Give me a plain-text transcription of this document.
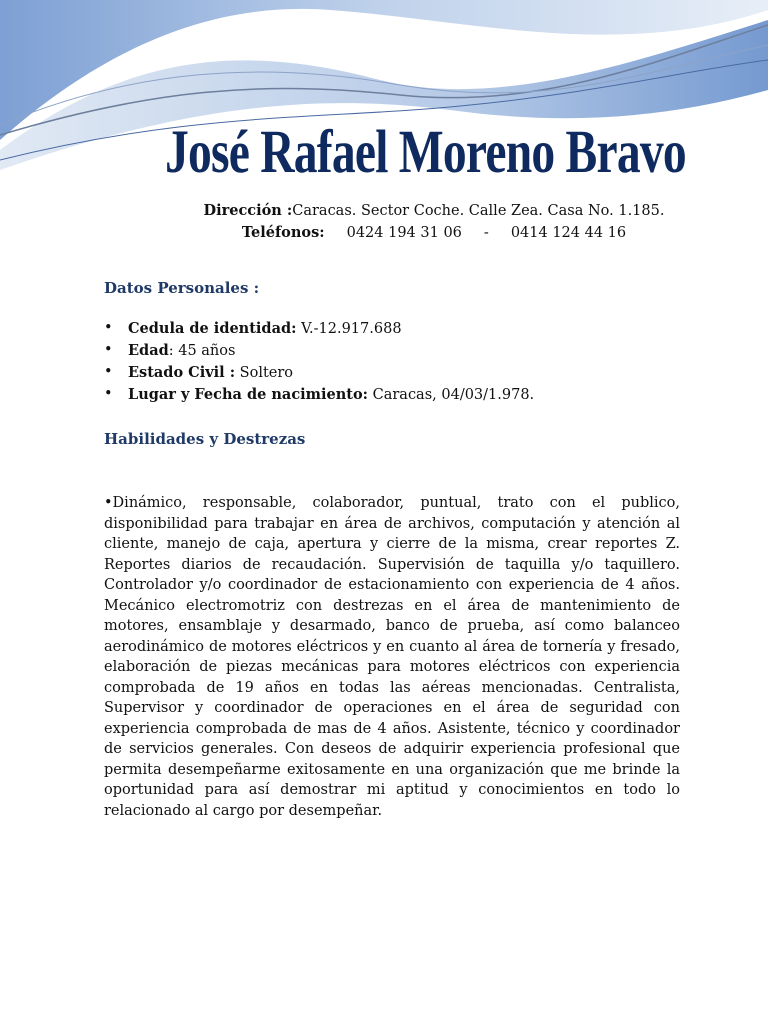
José Rafael Moreno Bravo
Dirección :Caracas. Sector Coche. Calle Zea. Casa No. 1.185.
Teléfonos: 0424 194 31 06 - 0414 124 44 16
Datos Personales :
• Cedula de identidad: V.-12.917.688
• Edad: 45 años
• Estado Civil : Soltero
• Lugar y Fecha de nacimiento: Caracas, 04/03/1.978.
Habilidades y Destrezas
•Dinámico, responsable, colaborador, puntual, trato con el publico, disponibilidad para trabajar en área de archivos, computación y atención al cliente, manejo de caja, apertura y cierre de la misma, crear reportes Z. Reportes diarios de recaudación. Supervisión de taquilla y/o taquillero. Controlador y/o coordinador de estacionamiento con experiencia de 4 años. Mecánico electromotriz con destrezas en el área de mantenimiento de motores, ensamblaje y desarmado, banco de prueba, así como balanceo aerodinámico de motores eléctricos y en cuanto al área de tornería y fresado, elaboración de piezas mecánicas para motores eléctricos con experiencia comprobada de 19 años en todas las aéreas mencionadas. Centralista, Supervisor y coordinador de operaciones en el área de seguridad con experiencia comprobada de mas de 4 años. Asistente, técnico y coordinador de servicios generales. Con deseos de adquirir experiencia profesional que permita desempeñarme exitosamente en una organización que me brinde la oportunidad para así demostrar mi aptitud y conocimientos en todo lo relacionado al cargo por desempeñar.
